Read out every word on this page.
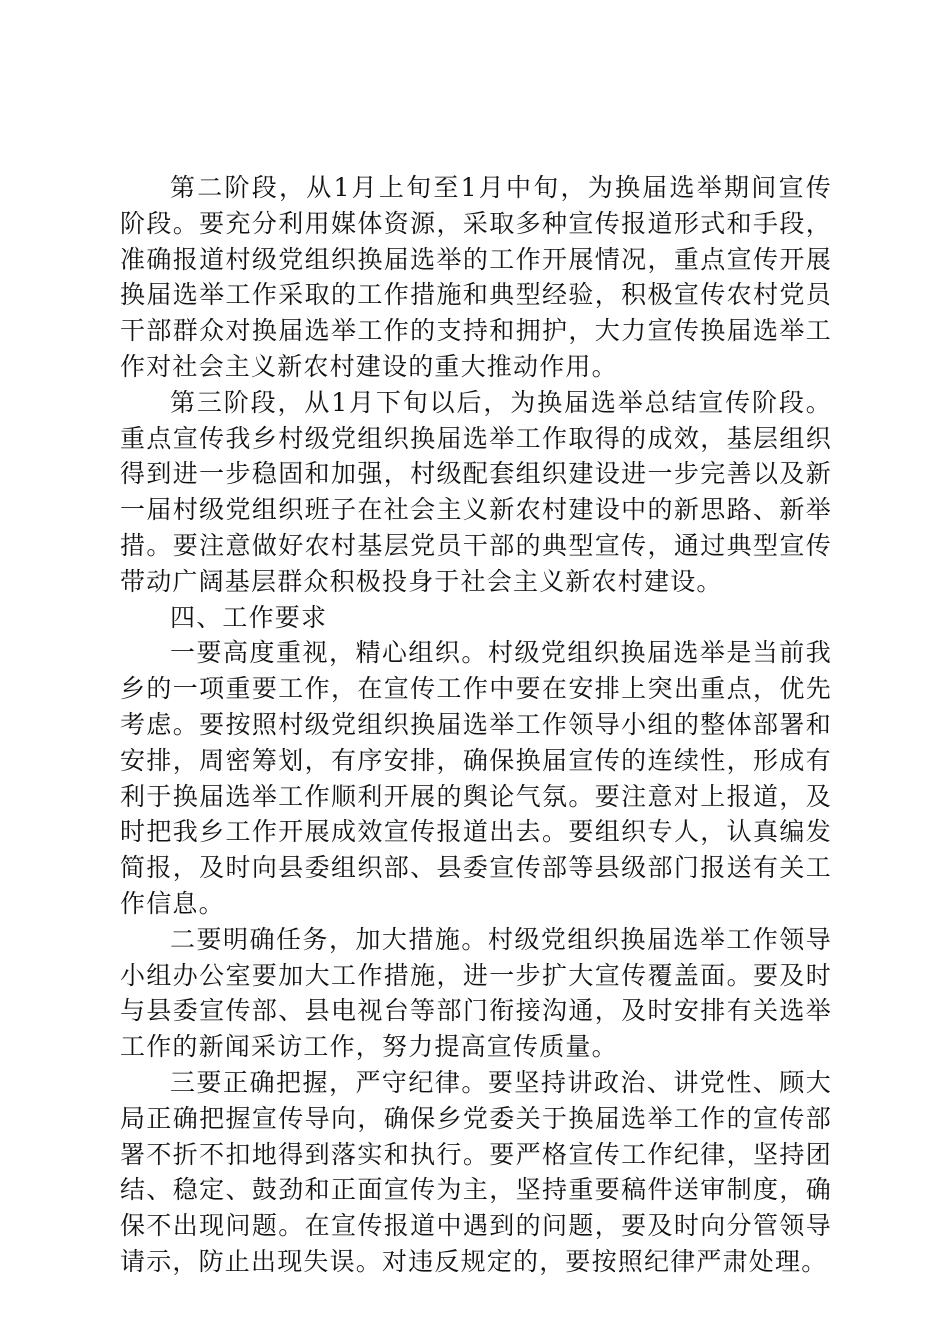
第二阶段，从1月上旬至1月中旬，为换届选举期间宣传阶段。要充分利用媒体资源，采取多种宣传报道形式和手段，准确报道村级党组织换届选举的工作开展情况，重点宣传开展换届选举工作采取的工作措施和典型经验，积极宣传农村党员干部群众对换届选举工作的支持和拥护，大力宣传换届选举工作对社会主义新农村建设的重大推动作用。

第三阶段，从1月下旬以后，为换届选举总结宣传阶段。重点宣传我乡村级党组织换届选举工作取得的成效，基层组织得到进一步稳固和加强，村级配套组织建设进一步完善以及新一届村级党组织班子在社会主义新农村建设中的新思路、新举措。要注意做好农村基层党员干部的典型宣传，通过典型宣传带动广阔基层群众积极投身于社会主义新农村建设。

四、工作要求

一要高度重视，精心组织。村级党组织换届选举是当前我乡的一项重要工作，在宣传工作中要在安排上突出重点，优先考虑。要按照村级党组织换届选举工作领导小组的整体部署和安排，周密筹划，有序安排，确保换届宣传的连续性，形成有利于换届选举工作顺利开展的舆论气氛。要注意对上报道，及时把我乡工作开展成效宣传报道出去。要组织专人，认真编发简报，及时向县委组织部、县委宣传部等县级部门报送有关工作信息。

二要明确任务，加大措施。村级党组织换届选举工作领导小组办公室要加大工作措施，进一步扩大宣传覆盖面。要及时与县委宣传部、县电视台等部门衔接沟通，及时安排有关选举工作的新闻采访工作，努力提高宣传质量。

三要正确把握，严守纪律。要坚持讲政治、讲党性、顾大局正确把握宣传导向，确保乡党委关于换届选举工作的宣传部署不折不扣地得到落实和执行。要严格宣传工作纪律，坚持团结、稳定、鼓劲和正面宣传为主，坚持重要稿件送审制度，确保不出现问题。在宣传报道中遇到的问题，要及时向分管领导请示，防止出现失误。对违反规定的，要按照纪律严肃处理。
